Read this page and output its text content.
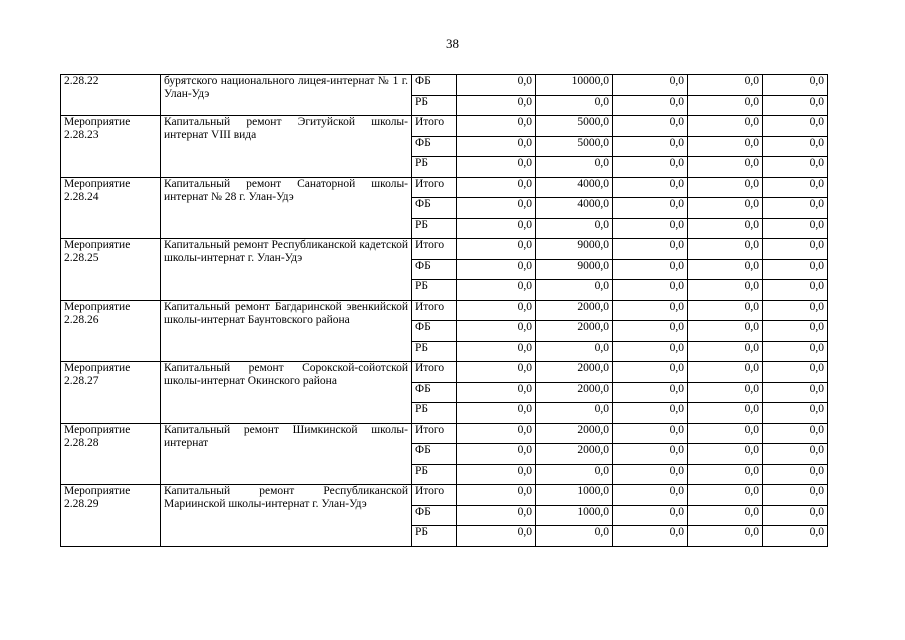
38
2.28.22	бурятского национального лицея-интернат № 1 г. Улан-Удэ	ФБ	0,0	10000,0	0,0	0,0	0,0
		РБ	0,0	0,0	0,0	0,0	0,0
Мероприятие 2.28.23	Капитальный ремонт Эгитуйской школы-интернат VIII вида	Итого	0,0	5000,0	0,0	0,0	0,0
		ФБ	0,0	5000,0	0,0	0,0	0,0
		РБ	0,0	0,0	0,0	0,0	0,0
Мероприятие 2.28.24	Капитальный ремонт Санаторной школы-интернат № 28 г. Улан-Удэ	Итого	0,0	4000,0	0,0	0,0	0,0
		ФБ	0,0	4000,0	0,0	0,0	0,0
		РБ	0,0	0,0	0,0	0,0	0,0
Мероприятие 2.28.25	Капитальный ремонт Республиканской кадетской школы-интернат г. Улан-Удэ	Итого	0,0	9000,0	0,0	0,0	0,0
		ФБ	0,0	9000,0	0,0	0,0	0,0
		РБ	0,0	0,0	0,0	0,0	0,0
Мероприятие 2.28.26	Капитальный ремонт Багдаринской эвенкийской школы-интернат Баунтовского района	Итого	0,0	2000,0	0,0	0,0	0,0
		ФБ	0,0	2000,0	0,0	0,0	0,0
		РБ	0,0	0,0	0,0	0,0	0,0
Мероприятие 2.28.27	Капитальный ремонт Сорокской-сойотской школы-интернат Окинского района	Итого	0,0	2000,0	0,0	0,0	0,0
		ФБ	0,0	2000,0	0,0	0,0	0,0
		РБ	0,0	0,0	0,0	0,0	0,0
Мероприятие 2.28.28	Капитальный ремонт Шимкинской школы-интернат	Итого	0,0	2000,0	0,0	0,0	0,0
		ФБ	0,0	2000,0	0,0	0,0	0,0
		РБ	0,0	0,0	0,0	0,0	0,0
Мероприятие 2.28.29	Капитальный ремонт Республиканской Мариинской школы-интернат г. Улан-Удэ	Итого	0,0	1000,0	0,0	0,0	0,0
		ФБ	0,0	1000,0	0,0	0,0	0,0
		РБ	0,0	0,0	0,0	0,0	0,0
